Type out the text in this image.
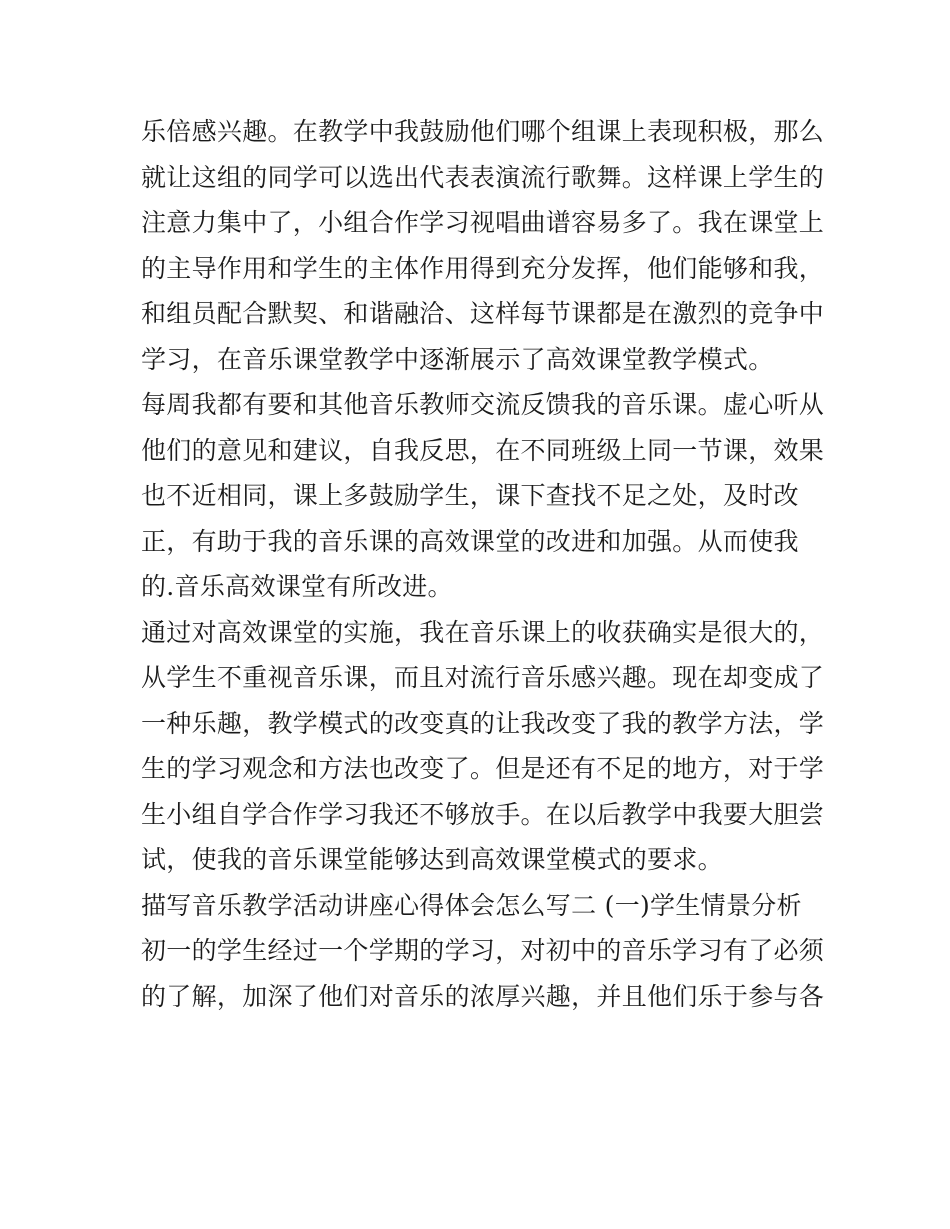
乐倍感兴趣。在教学中我鼓励他们哪个组课上表现积极，那么
就让这组的同学可以选出代表表演流行歌舞。这样课上学生的
注意力集中了，小组合作学习视唱曲谱容易多了。我在课堂上
的主导作用和学生的主体作用得到充分发挥，他们能够和我，
和组员配合默契、和谐融洽、这样每节课都是在激烈的竞争中
学习，在音乐课堂教学中逐渐展示了高效课堂教学模式。
每周我都有要和其他音乐教师交流反馈我的音乐课。虚心听从
他们的意见和建议，自我反思，在不同班级上同一节课，效果
也不近相同，课上多鼓励学生，课下查找不足之处，及时改
正，有助于我的音乐课的高效课堂的改进和加强。从而使我
的.音乐高效课堂有所改进。
通过对高效课堂的实施，我在音乐课上的收获确实是很大的，
从学生不重视音乐课，而且对流行音乐感兴趣。现在却变成了
一种乐趣，教学模式的改变真的让我改变了我的教学方法，学
生的学习观念和方法也改变了。但是还有不足的地方，对于学
生小组自学合作学习我还不够放手。在以后教学中我要大胆尝
试，使我的音乐课堂能够达到高效课堂模式的要求。
描写音乐教学活动讲座心得体会怎么写二 (一)学生情景分析
初一的学生经过一个学期的学习，对初中的音乐学习有了必须
的了解，加深了他们对音乐的浓厚兴趣，并且他们乐于参与各
